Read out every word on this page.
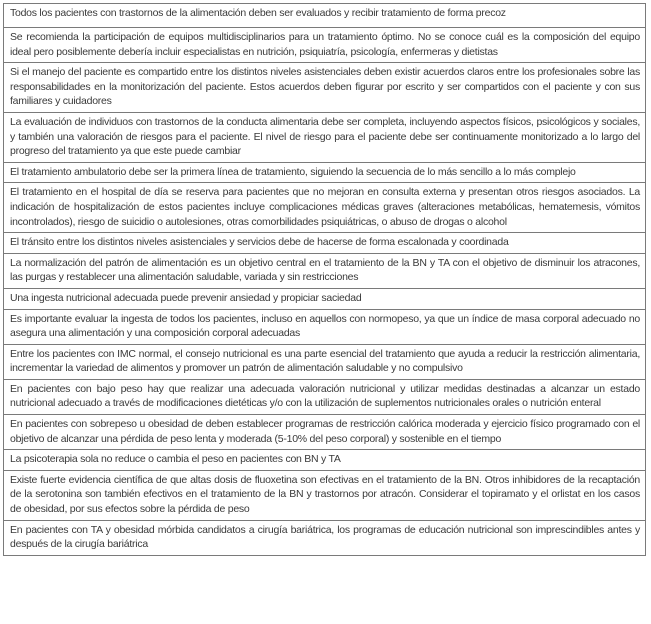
Todos los pacientes con trastornos de la alimentación deben ser evaluados y recibir tratamiento de forma precoz
Se recomienda la participación de equipos multidisciplinarios para un tratamiento óptimo. No se conoce cuál es la composición del equipo ideal pero posiblemente debería incluir especialistas en nutrición, psiquiatría, psicología, enfermeras y dietistas
Si el manejo del paciente es compartido entre los distintos niveles asistenciales deben existir acuerdos claros entre los profesionales sobre las responsabilidades en la monitorización del paciente. Estos acuerdos deben figurar por escrito y ser compartidos con el paciente y con sus familiares y cuidadores
La evaluación de individuos con trastornos de la conducta alimentaria debe ser completa, incluyendo aspectos físicos, psicológicos y sociales, y también una valoración de riesgos para el paciente. El nivel de riesgo para el paciente debe ser continuamente monitorizado a lo largo del progreso del tratamiento ya que este puede cambiar
El tratamiento ambulatorio debe ser la primera línea de tratamiento, siguiendo la secuencia de lo más sencillo a lo más complejo
El tratamiento en el hospital de día se reserva para pacientes que no mejoran en consulta externa y presentan otros riesgos asociados. La indicación de hospitalización de estos pacientes incluye complicaciones médicas graves (alteraciones metabólicas, hematemesis, vómitos incontrolados), riesgo de suicidio o autolesiones, otras comorbilidades psiquiátricas, o abuso de drogas o alcohol
El tránsito entre los distintos niveles asistenciales y servicios debe de hacerse de forma escalonada y coordinada
La normalización del patrón de alimentación es un objetivo central en el tratamiento de la BN y TA con el objetivo de disminuir los atracones, las purgas y restablecer una alimentación saludable, variada y sin restricciones
Una ingesta nutricional adecuada puede prevenir ansiedad y propiciar saciedad
Es importante evaluar la ingesta de todos los pacientes, incluso en aquellos con normopeso, ya que un índice de masa corporal adecuado no asegura una alimentación y una composición corporal adecuadas
Entre los pacientes con IMC normal, el consejo nutricional es una parte esencial del tratamiento que ayuda a reducir la restricción alimentaria, incrementar la variedad de alimentos y promover un patrón de alimentación saludable y no compulsivo
En pacientes con bajo peso hay que realizar una adecuada valoración nutricional y utilizar medidas destinadas a alcanzar un estado nutricional adecuado a través de modificaciones dietéticas y/o con la utilización de suplementos nutricionales orales o nutrición enteral
En pacientes con sobrepeso u obesidad de deben establecer programas de restricción calórica moderada y ejercicio físico programado con el objetivo de alcanzar una pérdida de peso lenta y moderada (5-10% del peso corporal) y sostenible en el tiempo
La psicoterapia sola no reduce o cambia el peso en pacientes con BN y TA
Existe fuerte evidencia científica de que altas dosis de fluoxetina son efectivas en el tratamiento de la BN. Otros inhibidores de la recaptación de la serotonina son también efectivos en el tratamiento de la BN y trastornos por atracón. Considerar el topiramato y el orlistat en los casos de obesidad, por sus efectos sobre la pérdida de peso
En pacientes con TA y obesidad mórbida candidatos a cirugía bariátrica, los programas de educación nutricional son imprescindibles antes y después de la cirugía bariátrica
